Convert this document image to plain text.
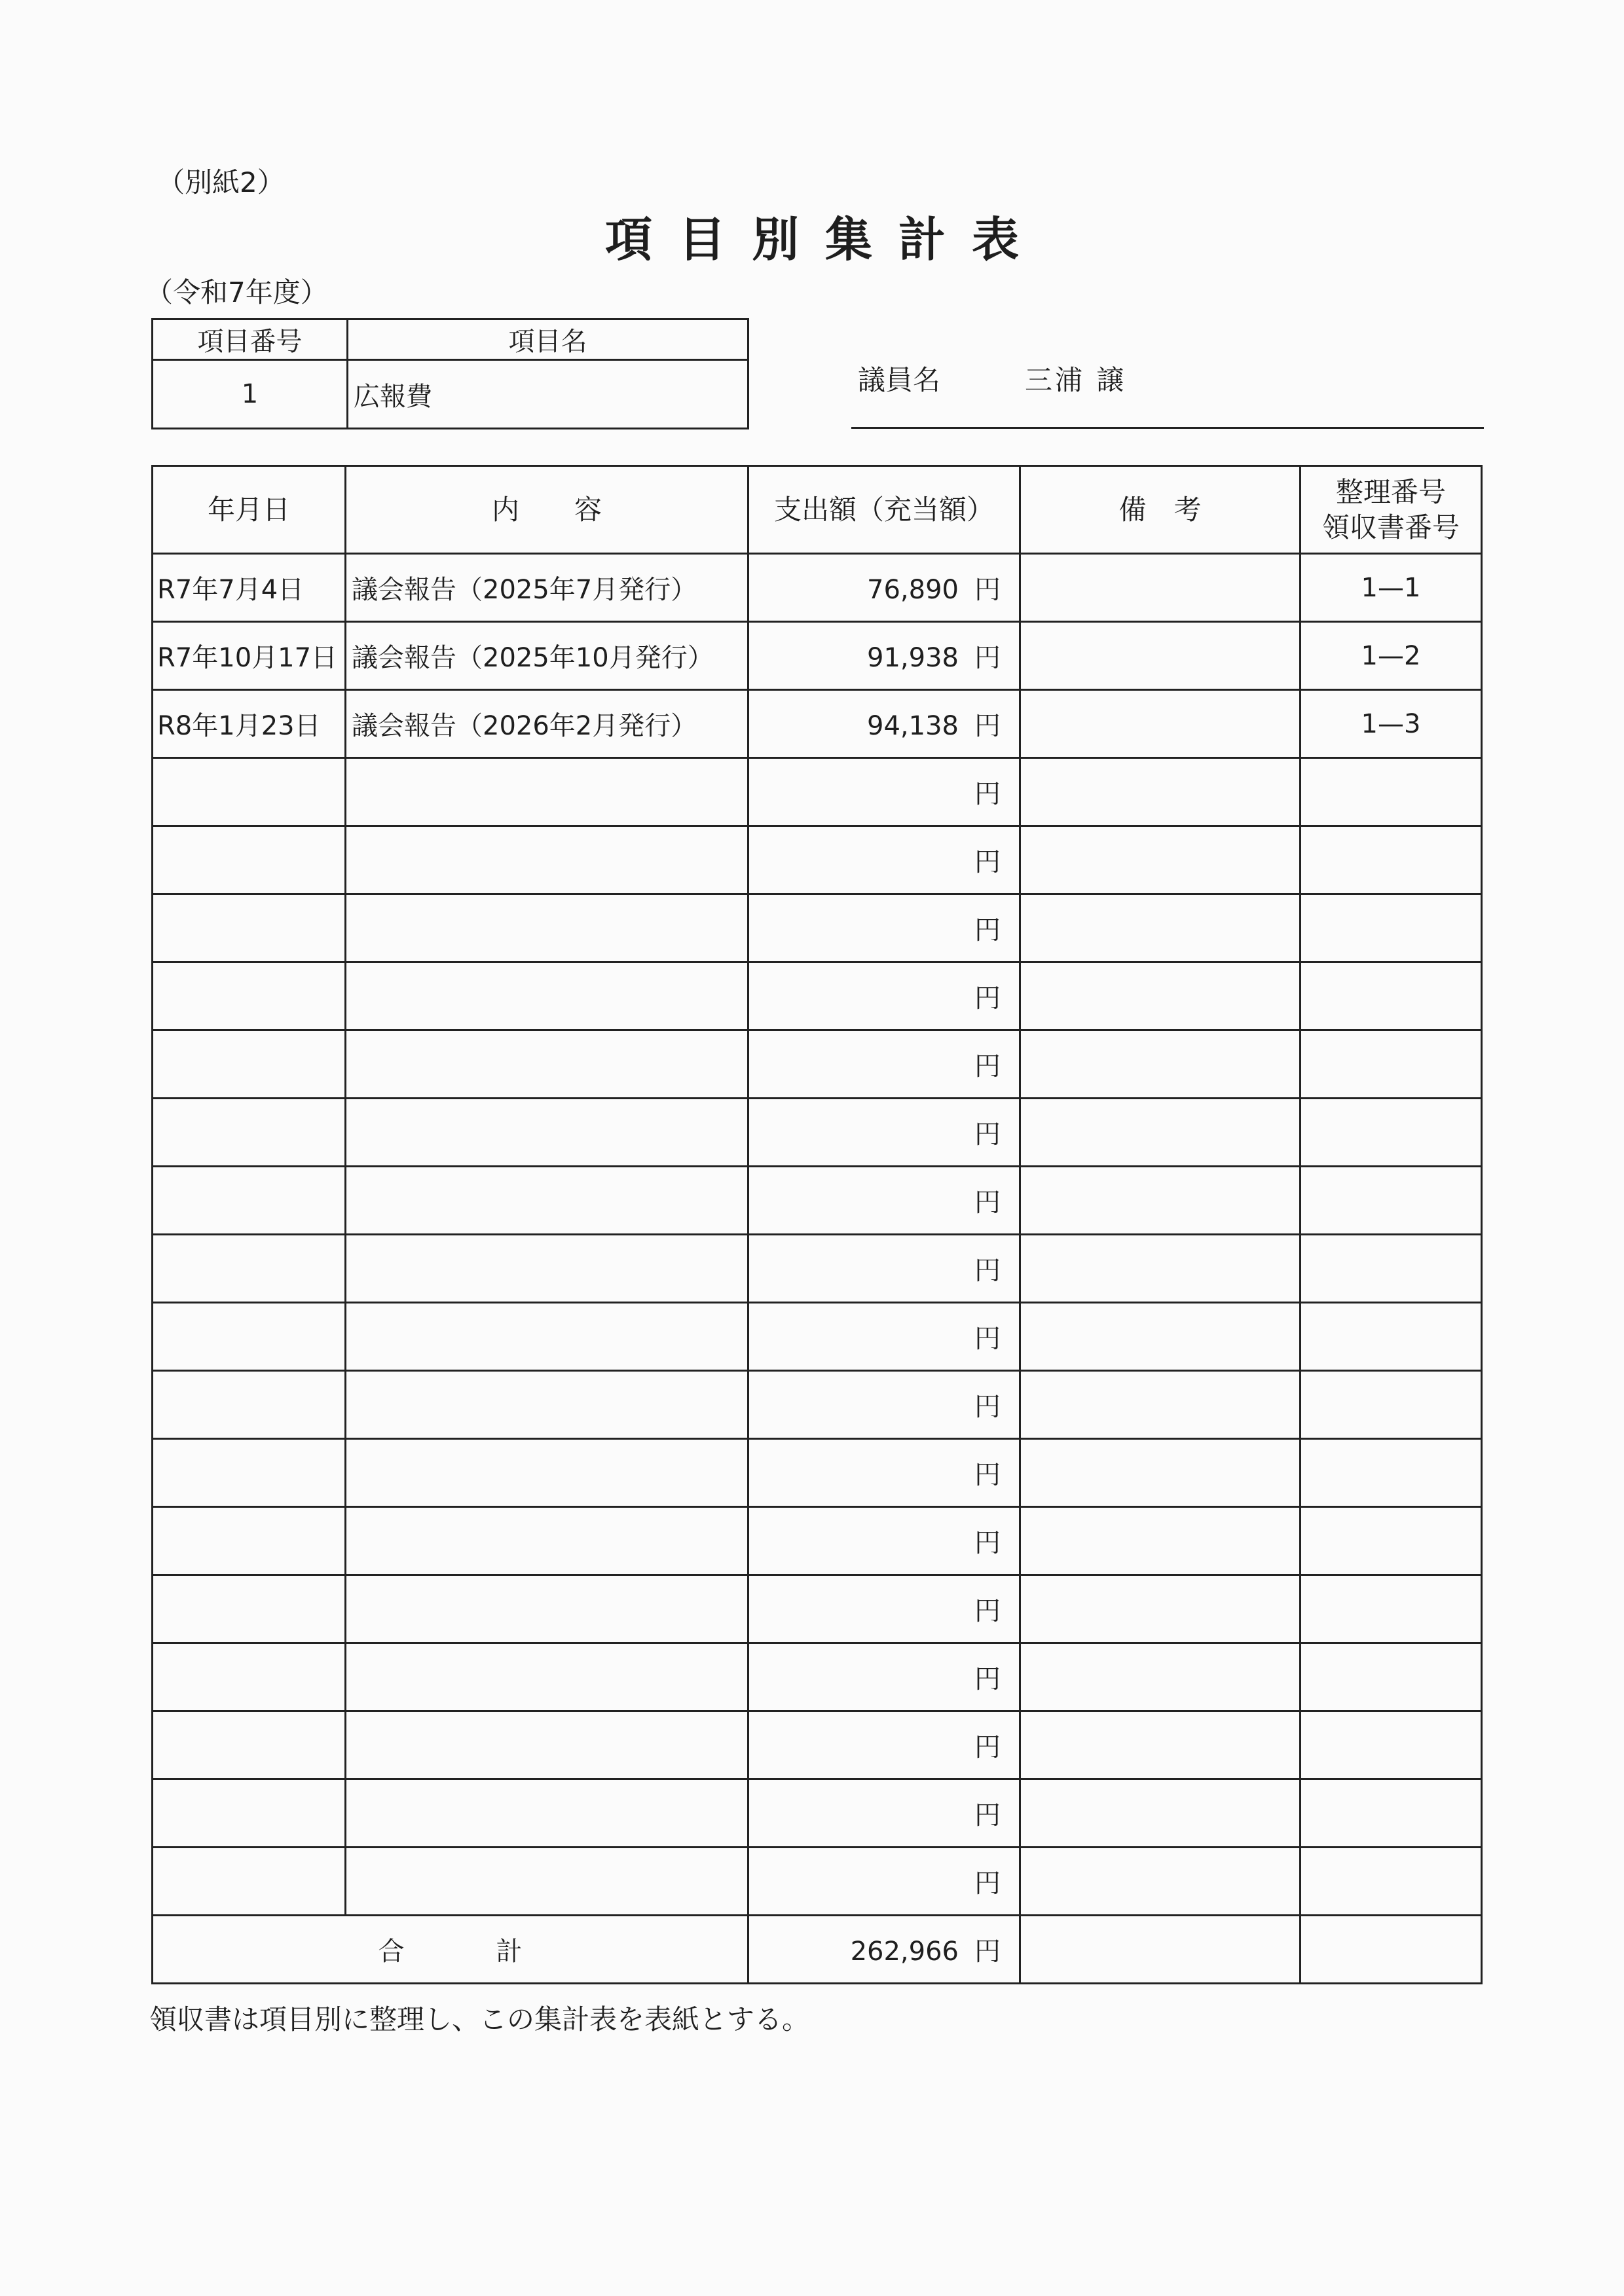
（別紙2）
項目別集計表
（令和7年度）
項目番号	項目名
1	広報費
議員名	三浦 譲
年月日	内　　容	支出額（充当額）	備　考	整理番号
領収書番号

R7年7月4日	議会報告（2025年7月発行）	76,890 円		1—1
R7年10月17日	議会報告（2025年10月発行）	91,938 円		1—2
R8年1月23日	議会報告（2026年2月発行）	94,138 円		1—3
		円		
		円		
		円		
		円		
		円		
		円		
		円		
		円		
		円		
		円		
		円		
		円		
		円		
		円		
		円		
		円		
		円		
合計		262,966 円		
領収書は項目別に整理し、この集計表を表紙とする。
